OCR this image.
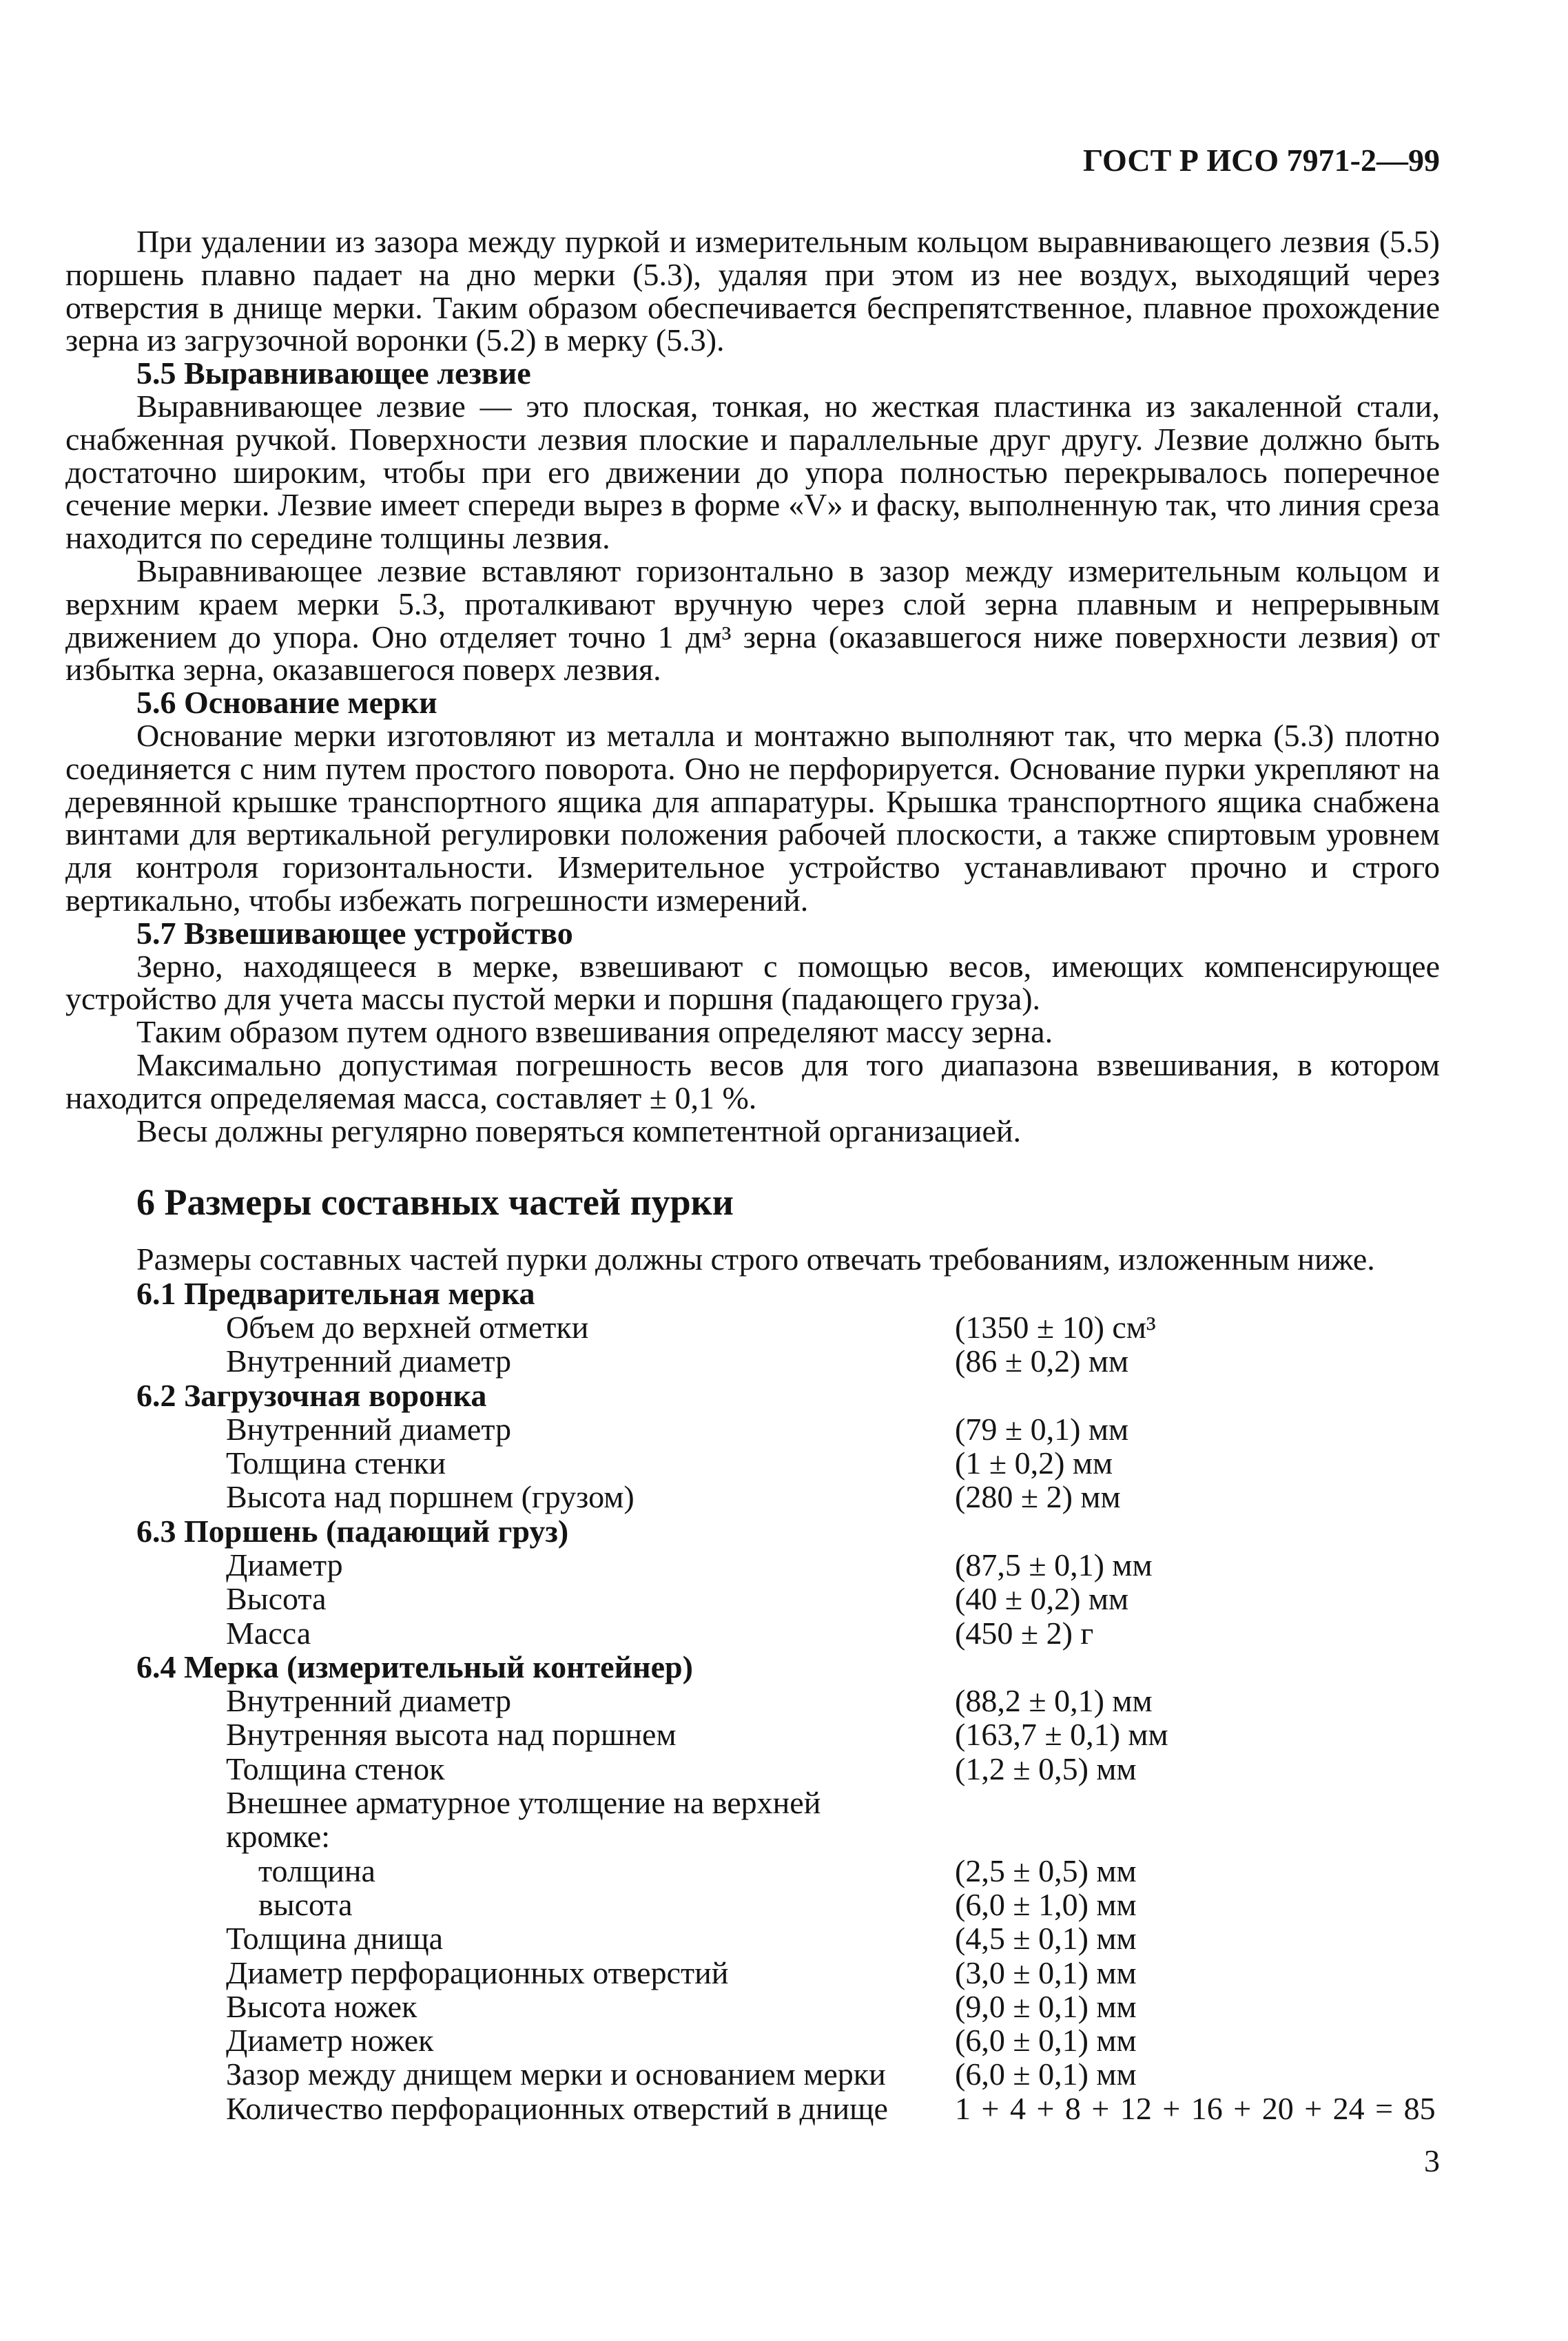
ГОСТ Р ИСО 7971-2—99

При удалении из зазора между пуркой и измерительным кольцом выравнивающего лезвия (5.5) поршень плавно падает на дно мерки (5.3), удаляя при этом из нее воздух, выходящий через отверстия в днище мерки. Таким образом обеспечивается беспрепятственное, плавное прохождение зерна из загрузочной воронки (5.2) в мерку (5.3).

5.5 Выравнивающее лезвие

Выравнивающее лезвие — это плоская, тонкая, но жесткая пластинка из закаленной стали, снабженная ручкой. Поверхности лезвия плоские и параллельные друг другу. Лезвие должно быть достаточно широким, чтобы при его движении до упора полностью перекрывалось поперечное сечение мерки. Лезвие имеет спереди вырез в форме «V» и фаску, выполненную так, что линия среза находится по середине толщины лезвия.

Выравнивающее лезвие вставляют горизонтально в зазор между измерительным кольцом и верхним краем мерки 5.3, проталкивают вручную через слой зерна плавным и непрерывным движением до упора. Оно отделяет точно 1 дм³ зерна (оказавшегося ниже поверхности лезвия) от избытка зерна, оказавшегося поверх лезвия.

5.6 Основание мерки

Основание мерки изготовляют из металла и монтажно выполняют так, что мерка (5.3) плотно соединяется с ним путем простого поворота. Оно не перфорируется. Основание пурки укрепляют на деревянной крышке транспортного ящика для аппаратуры. Крышка транспортного ящика снабжена винтами для вертикальной регулировки положения рабочей плоскости, а также спиртовым уровнем для контроля горизонтальности. Измерительное устройство устанавливают прочно и строго вертикально, чтобы избежать погрешности измерений.

5.7 Взвешивающее устройство

Зерно, находящееся в мерке, взвешивают с помощью весов, имеющих компенсирующее устройство для учета массы пустой мерки и поршня (падающего груза).

Таким образом путем одного взвешивания определяют массу зерна.

Максимально допустимая погрешность весов для того диапазона взвешивания, в котором находится определяемая масса, составляет ± 0,1 %.

Весы должны регулярно поверяться компетентной организацией.

6 Размеры составных частей пурки
Размеры составных частей пурки должны строго отвечать требованиям, изложенным ниже.
6.1 Предварительная мерка
Объем до верхней отметки	(1350 ± 10) см³
Внутренний диаметр	(86 ± 0,2) мм
6.2 Загрузочная воронка
Внутренний диаметр	(79 ± 0,1) мм
Толщина стенки	(1 ± 0,2) мм
Высота над поршнем (грузом)	(280 ± 2) мм
6.3 Поршень (падающий груз)
Диаметр	(87,5 ± 0,1) мм
Высота	(40 ± 0,2) мм
Масса	(450 ± 2) г
6.4 Мерка (измерительный контейнер)
Внутренний диаметр	(88,2 ± 0,1) мм
Внутренняя высота над поршнем	(163,7 ± 0,1) мм
Толщина стенок	(1,2 ± 0,5) мм
Внешнее арматурное утолщение на верхней
кромке:
толщина	(2,5 ± 0,5) мм
высота	(6,0 ± 1,0) мм
Толщина днища	(4,5 ± 0,1) мм
Диаметр перфорационных отверстий	(3,0 ± 0,1) мм
Высота ножек	(9,0 ± 0,1) мм
Диаметр ножек	(6,0 ± 0,1) мм
Зазор между днищем мерки и основанием мерки	(6,0 ± 0,1) мм
Количество перфорационных отверстий в днище	1 + 4 + 8 + 12 + 16 + 20 + 24 = 85
3
